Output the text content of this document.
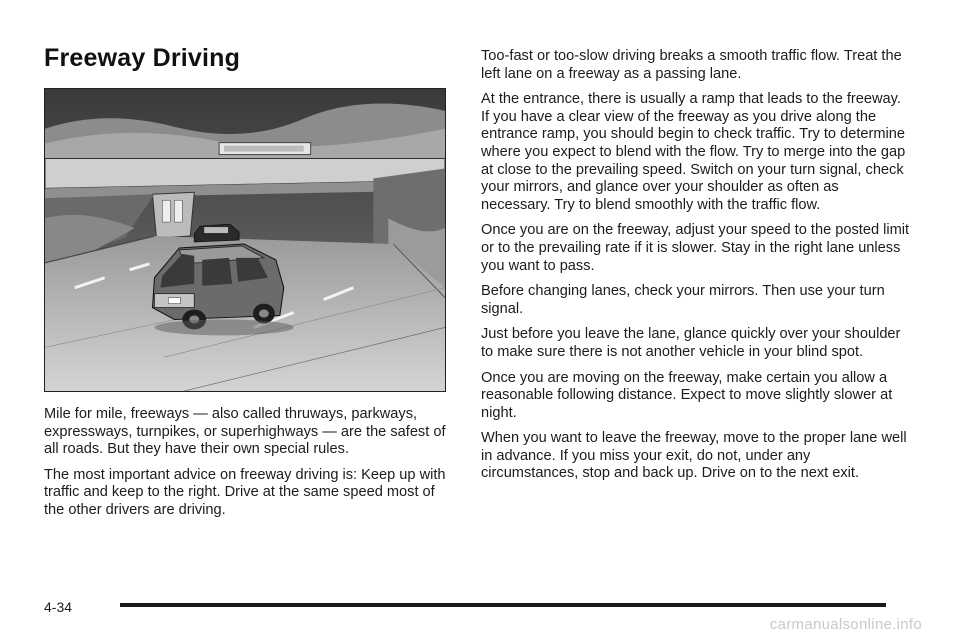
Freeway Driving

Mile for mile, freeways — also called thruways, parkways, expressways, turnpikes, or superhighways — are the safest of all roads. But they have their own special rules.

The most important advice on freeway driving is: Keep up with traffic and keep to the right. Drive at the same speed most of the other drivers are driving.

Too-fast or too-slow driving breaks a smooth traffic flow. Treat the left lane on a freeway as a passing lane.

At the entrance, there is usually a ramp that leads to the freeway. If you have a clear view of the freeway as you drive along the entrance ramp, you should begin to check traffic. Try to determine where you expect to blend with the flow. Try to merge into the gap at close to the prevailing speed. Switch on your turn signal, check your mirrors, and glance over your shoulder as often as necessary. Try to blend smoothly with the traffic flow.

Once you are on the freeway, adjust your speed to the posted limit or to the prevailing rate if it is slower. Stay in the right lane unless you want to pass.

Before changing lanes, check your mirrors. Then use your turn signal.

Just before you leave the lane, glance quickly over your shoulder to make sure there is not another vehicle in your blind spot.

Once you are moving on the freeway, make certain you allow a reasonable following distance. Expect to move slightly slower at night.

When you want to leave the freeway, move to the proper lane well in advance. If you miss your exit, do not, under any circumstances, stop and back up. Drive on to the next exit.

4-34
carmanualsonline.info
